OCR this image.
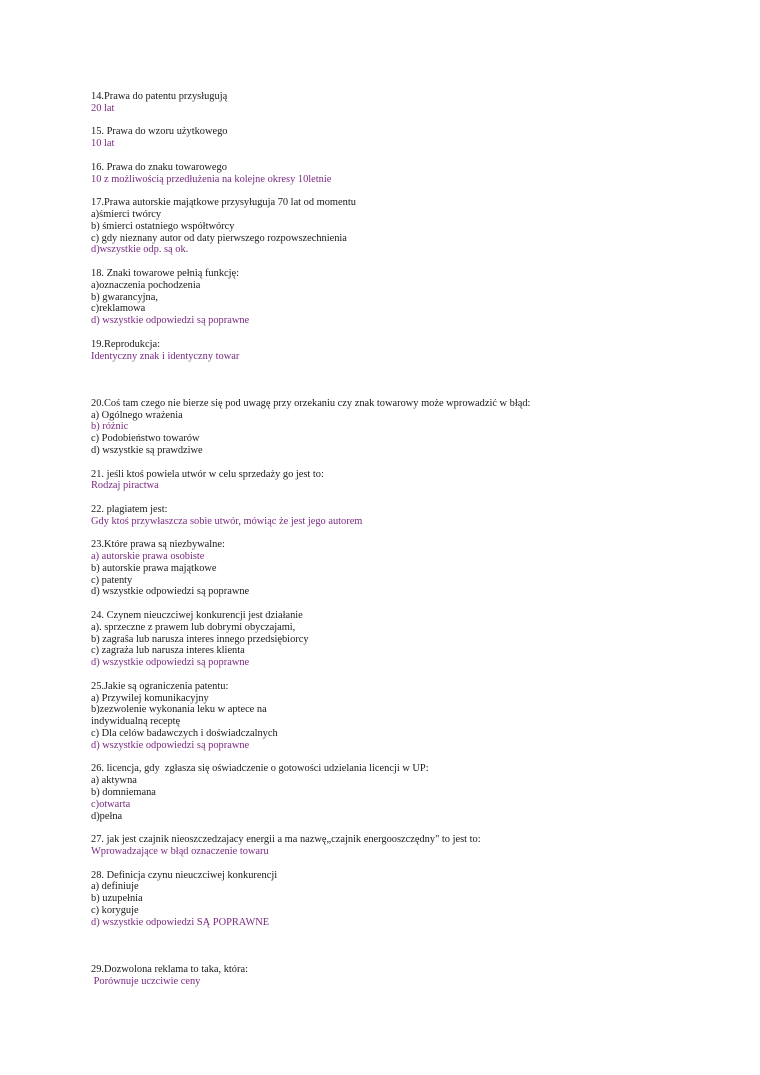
14.Prawa do patentu przysługują
20 lat
15. Prawa do wzoru użytkowego
10 lat
16. Prawa do znaku towarowego
10 z możliwością przedłużenia na kolejne okresy 10letnie
17.Prawa autorskie majątkowe przysyługuja 70 lat od momentu
a)śmierci twórcy
b) śmierci ostatniego współtwórcy
c) gdy nieznany autor od daty pierwszego rozpowszechnienia
d)wszystkie odp. są ok.
18. Znaki towarowe pełnią funkcję:
a)oznaczenia pochodzenia
b) gwarancyjna,
c)reklamowa
d) wszystkie odpowiedzi są poprawne
19.Reprodukcja:
Identyczny znak i identyczny towar
20.Coś tam czego nie bierze się pod uwagę przy orzekaniu czy znak towarowy może wprowadzić w błąd:
a) Ogólnego wrażenia
b) różnic
c) Podobieństwo towarów
d) wszystkie są prawdziwe
21. jeśli ktoś powiela utwór w celu sprzedaży go jest to:
Rodzaj piractwa
22. plagiatem jest:
Gdy ktoś przywłaszcza sobie utwór, mówiąc że jest jego autorem
23.Które prawa są niezbywalne:
a) autorskie prawa osobiste
b) autorskie prawa majątkowe
c) patenty
d) wszystkie odpowiedzi są poprawne
24. Czynem nieuczciwej konkurencji jest działanie
a). sprzeczne z prawem lub dobrymi obyczajami,
b) zagraŝa lub narusza interes innego przedsiębiorcy
c) zagraża lub narusza interes klienta
d) wszystkie odpowiedzi są poprawne
25.Jakie są ograniczenia patentu:
a) Przywilej komunikacyjny
b)zezwolenie wykonania leku w aptece na
indywidualną receptę
c) Dla celów badawczych i doświadczalnych
d) wszystkie odpowiedzi są poprawne
26. licencja, gdy  zgłasza się oświadczenie o gotowości udzielania licencji w UP:
a) aktywna
b) domniemana
c)otwarta
d)pełna
27. jak jest czajnik nieoszczedzajacy energii a ma nazwę„czajnik energooszczędny" to jest to:
Wprowadzające w błąd oznaczenie towaru
28. Definicja czynu nieuczciwej konkurencji
a) definiuje
b) uzupełnia
c) koryguje
d) wszystkie odpowiedzi SĄ POPRAWNE
29.Dozwolona reklama to taka, która:
Porównuje uczciwie ceny
